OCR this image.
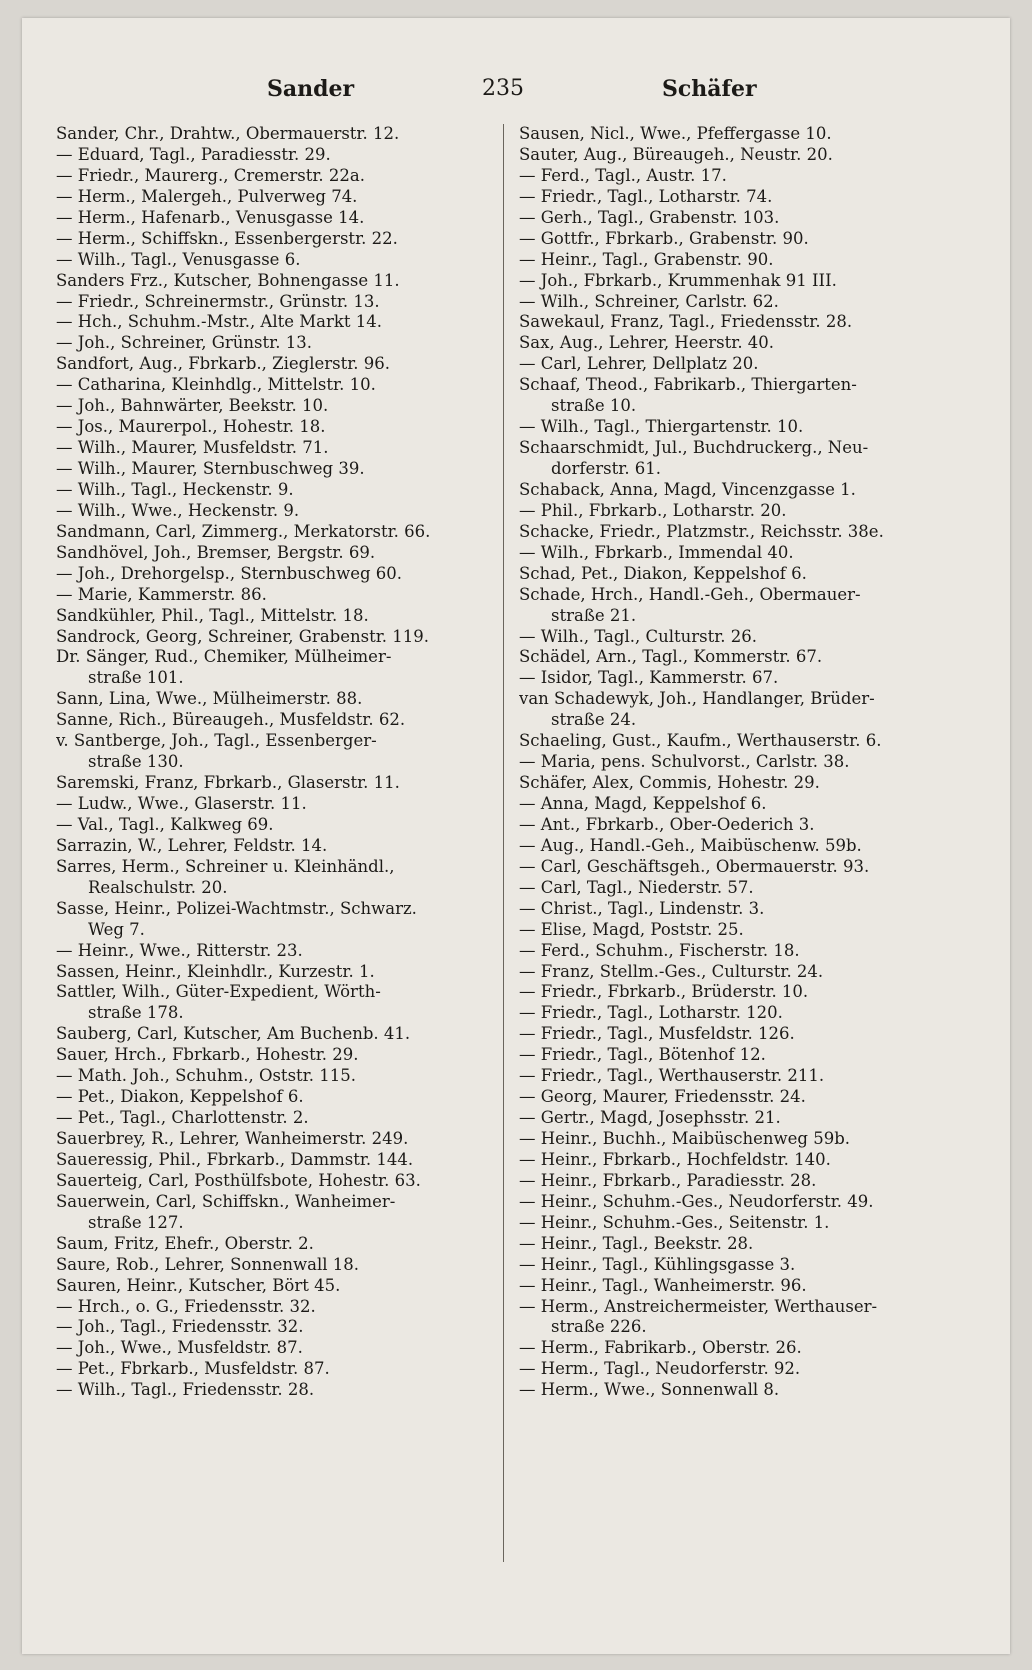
Sander	235	Schäfer
Sander, Chr., Drahtw., Obermauerstr. 12.
— Eduard, Tagl., Paradiesstr. 29.
— Friedr., Maurerg., Cremerstr. 22a.
— Herm., Malergeh., Pulverweg 74.
— Herm., Hafenarb., Venusgasse 14.
— Herm., Schiffskn., Essenbergerstr. 22.
— Wilh., Tagl., Venusgasse 6.
Sanders Frz., Kutscher, Bohnengasse 11.
— Friedr., Schreinermstr., Grünstr. 13.
— Hch., Schuhm.-Mstr., Alte Markt 14.
— Joh., Schreiner, Grünstr. 13.
Sandfort, Aug., Fbrkarb., Zieglerstr. 96.
— Catharina, Kleinhdlg., Mittelstr. 10.
— Joh., Bahnwärter, Beekstr. 10.
— Jos., Maurerpol., Hohestr. 18.
— Wilh., Maurer, Musfeldstr. 71.
— Wilh., Maurer, Sternbuschweg 39.
— Wilh., Tagl., Heckenstr. 9.
— Wilh., Wwe., Heckenstr. 9.
Sandmann, Carl, Zimmerg., Merkatorstr. 66.
Sandhövel, Joh., Bremser, Bergstr. 69.
— Joh., Drehorgelsp., Sternbuschweg 60.
— Marie, Kammerstr. 86.
Sandkühler, Phil., Tagl., Mittelstr. 18.
Sandrock, Georg, Schreiner, Grabenstr. 119.
Dr. Sänger, Rud., Chemiker, Mülheimer-
straße 101.
Sann, Lina, Wwe., Mülheimerstr. 88.
Sanne, Rich., Büreaugeh., Musfeldstr. 62.
v. Santberge, Joh., Tagl., Essenberger-
straße 130.
Saremski, Franz, Fbrkarb., Glaserstr. 11.
— Ludw., Wwe., Glaserstr. 11.
— Val., Tagl., Kalkweg 69.
Sarrazin, W., Lehrer, Feldstr. 14.
Sarres, Herm., Schreiner u. Kleinhändl.,
Realschulstr. 20.
Sasse, Heinr., Polizei-Wachtmstr., Schwarz.
Weg 7.
— Heinr., Wwe., Ritterstr. 23.
Sassen, Heinr., Kleinhdlr., Kurzestr. 1.
Sattler, Wilh., Güter-Expedient, Wörth-
straße 178.
Sauberg, Carl, Kutscher, Am Buchenb. 41.
Sauer, Hrch., Fbrkarb., Hohestr. 29.
— Math. Joh., Schuhm., Oststr. 115.
— Pet., Diakon, Keppelshof 6.
— Pet., Tagl., Charlottenstr. 2.
Sauerbrey, R., Lehrer, Wanheimerstr. 249.
Saueressig, Phil., Fbrkarb., Dammstr. 144.
Sauerteig, Carl, Posthülfsbote, Hohestr. 63.
Sauerwein, Carl, Schiffskn., Wanheimer-
straße 127.
Saum, Fritz, Ehefr., Oberstr. 2.
Saure, Rob., Lehrer, Sonnenwall 18.
Sauren, Heinr., Kutscher, Bört 45.
— Hrch., o. G., Friedensstr. 32.
— Joh., Tagl., Friedensstr. 32.
— Joh., Wwe., Musfeldstr. 87.
— Pet., Fbrkarb., Musfeldstr. 87.
— Wilh., Tagl., Friedensstr. 28.
Sausen, Nicl., Wwe., Pfeffergasse 10.
Sauter, Aug., Büreaugeh., Neustr. 20.
— Ferd., Tagl., Austr. 17.
— Friedr., Tagl., Lotharstr. 74.
— Gerh., Tagl., Grabenstr. 103.
— Gottfr., Fbrkarb., Grabenstr. 90.
— Heinr., Tagl., Grabenstr. 90.
— Joh., Fbrkarb., Krummenhak 91 III.
— Wilh., Schreiner, Carlstr. 62.
Sawekaul, Franz, Tagl., Friedensstr. 28.
Sax, Aug., Lehrer, Heerstr. 40.
— Carl, Lehrer, Dellplatz 20.
Schaaf, Theod., Fabrikarb., Thiergarten-
straße 10.
— Wilh., Tagl., Thiergartenstr. 10.
Schaarschmidt, Jul., Buchdruckerg., Neu-
dorferstr. 61.
Schaback, Anna, Magd, Vincenzgasse 1.
— Phil., Fbrkarb., Lotharstr. 20.
Schacke, Friedr., Platzmstr., Reichsstr. 38e.
— Wilh., Fbrkarb., Immendal 40.
Schad, Pet., Diakon, Keppelshof 6.
Schade, Hrch., Handl.-Geh., Obermauer-
straße 21.
— Wilh., Tagl., Culturstr. 26.
Schädel, Arn., Tagl., Kommerstr. 67.
— Isidor, Tagl., Kammerstr. 67.
van Schadewyk, Joh., Handlanger, Brüder-
straße 24.
Schaeling, Gust., Kaufm., Werthauserstr. 6.
— Maria, pens. Schulvorst., Carlstr. 38.
Schäfer, Alex, Commis, Hohestr. 29.
— Anna, Magd, Keppelshof 6.
— Ant., Fbrkarb., Ober-Oederich 3.
— Aug., Handl.-Geh., Maibüschenw. 59b.
— Carl, Geschäftsgeh., Obermauerstr. 93.
— Carl, Tagl., Niederstr. 57.
— Christ., Tagl., Lindenstr. 3.
— Elise, Magd, Poststr. 25.
— Ferd., Schuhm., Fischerstr. 18.
— Franz, Stellm.-Ges., Culturstr. 24.
— Friedr., Fbrkarb., Brüderstr. 10.
— Friedr., Tagl., Lotharstr. 120.
— Friedr., Tagl., Musfeldstr. 126.
— Friedr., Tagl., Bötenhof 12.
— Friedr., Tagl., Werthauserstr. 211.
— Georg, Maurer, Friedensstr. 24.
— Gertr., Magd, Josephsstr. 21.
— Heinr., Buchh., Maibüschenweg 59b.
— Heinr., Fbrkarb., Hochfeldstr. 140.
— Heinr., Fbrkarb., Paradiesstr. 28.
— Heinr., Schuhm.-Ges., Neudorferstr. 49.
— Heinr., Schuhm.-Ges., Seitenstr. 1.
— Heinr., Tagl., Beekstr. 28.
— Heinr., Tagl., Kühlingsgasse 3.
— Heinr., Tagl., Wanheimerstr. 96.
— Herm., Anstreichermeister, Werthauser-
straße 226.
— Herm., Fabrikarb., Oberstr. 26.
— Herm., Tagl., Neudorferstr. 92.
— Herm., Wwe., Sonnenwall 8.
